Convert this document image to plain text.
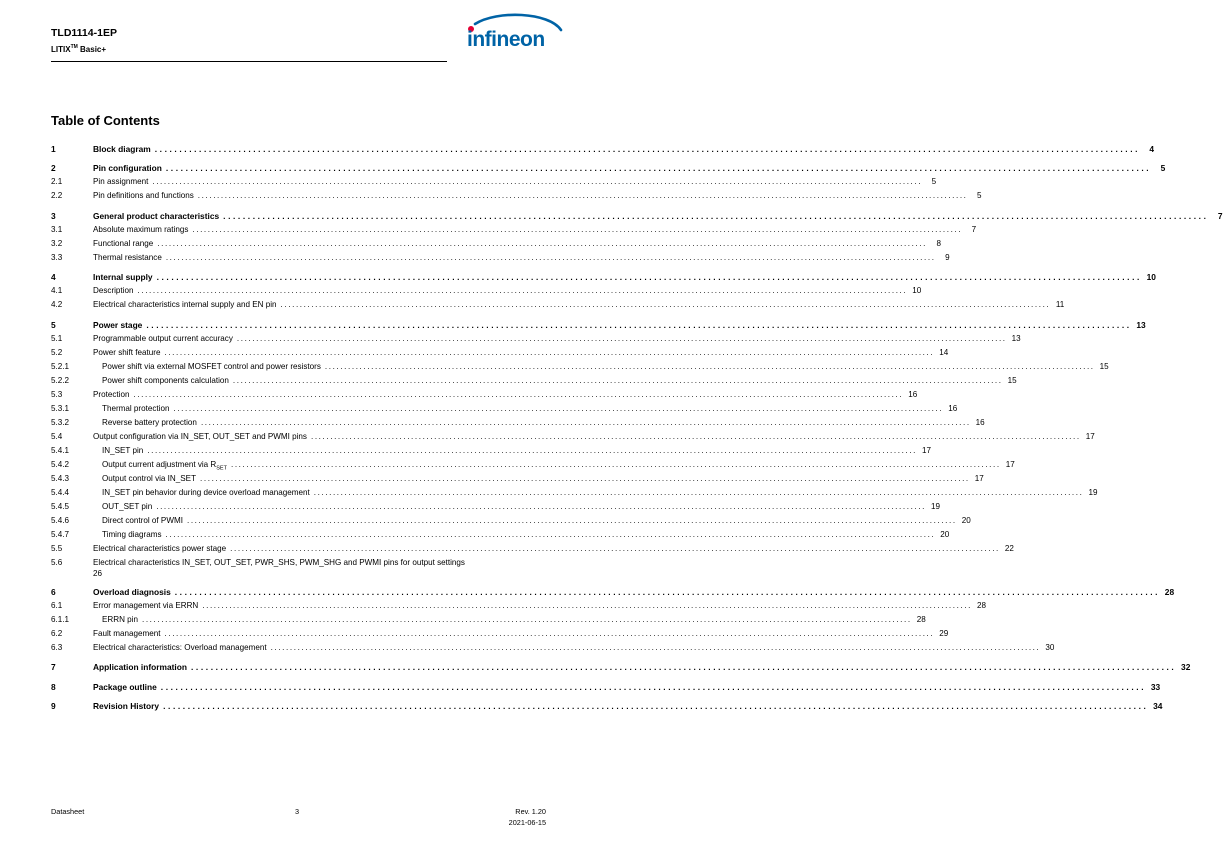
TLD1114-1EP
LITIX™ Basic+	infineon
Table of Contents
1	Block diagram ........................................................................................................................................................................................................	4
2	Pin configuration ........................................................................................................................................................................................................	5
2.1	Pin assignment ........................................................................................................................................................................................................	5
2.2	Pin definitions and functions ........................................................................................................................................................................................................	5
3	General product characteristics ........................................................................................................................................................................................................	7
3.1	Absolute maximum ratings ........................................................................................................................................................................................................	7
3.2	Functional range ........................................................................................................................................................................................................	8
3.3	Thermal resistance ........................................................................................................................................................................................................	9
4	Internal supply ........................................................................................................................................................................................................ 10
4.1	Description ........................................................................................................................................................................................................ 10
4.2	Electrical characteristics internal supply and EN pin ........................................................................................................................................................................................................ 11
5	Power stage ........................................................................................................................................................................................................ 13
5.1	Programmable output current accuracy ........................................................................................................................................................................................................ 13
5.2	Power shift feature ........................................................................................................................................................................................................ 14
5.2.1	Power shift via external MOSFET control and power resistors ........................................................................................................................................................................................................ 15
5.2.2	Power shift components calculation ........................................................................................................................................................................................................ 15
5.3	Protection ........................................................................................................................................................................................................ 16
5.3.1	Thermal protection ........................................................................................................................................................................................................ 16
5.3.2	Reverse battery protection ........................................................................................................................................................................................................ 16
5.4	Output configuration via IN_SET, OUT_SET and PWMI pins ........................................................................................................................................................................................................ 17
5.4.1	IN_SET pin ........................................................................................................................................................................................................ 17
5.4.2	Output current adjustment via $R_{SET}$ ........................................................................................................................................................................................................ 17
5.4.3	Output control via IN_SET ........................................................................................................................................................................................................ 17
5.4.4	IN_SET pin behavior during device overload management ........................................................................................................................................................................................................ 19
5.4.5	OUT_SET pin ........................................................................................................................................................................................................ 19
5.4.6	Direct control of PWMI ........................................................................................................................................................................................................ 20
5.4.7	Timing diagrams ........................................................................................................................................................................................................ 20
5.5	Electrical characteristics power stage ........................................................................................................................................................................................................ 22
5.6	Electrical characteristics IN_SET, OUT_SET, PWR_SHS, PWM_SHG and PWMI pins for output settings
26
6	Overload diagnosis ........................................................................................................................................................................................................ 28
6.1	Error management via ERRN ........................................................................................................................................................................................................ 28
6.1.1	ERRN pin ........................................................................................................................................................................................................ 28
6.2	Fault management ........................................................................................................................................................................................................ 29
6.3	Electrical characteristics: Overload management ........................................................................................................................................................................................................ 30
7	Application information ........................................................................................................................................................................................................ 32
8	Package outline ........................................................................................................................................................................................................ 33
9	Revision History ........................................................................................................................................................................................................ 34
Datasheet	3	Rev. 1.20
2021-06-15
